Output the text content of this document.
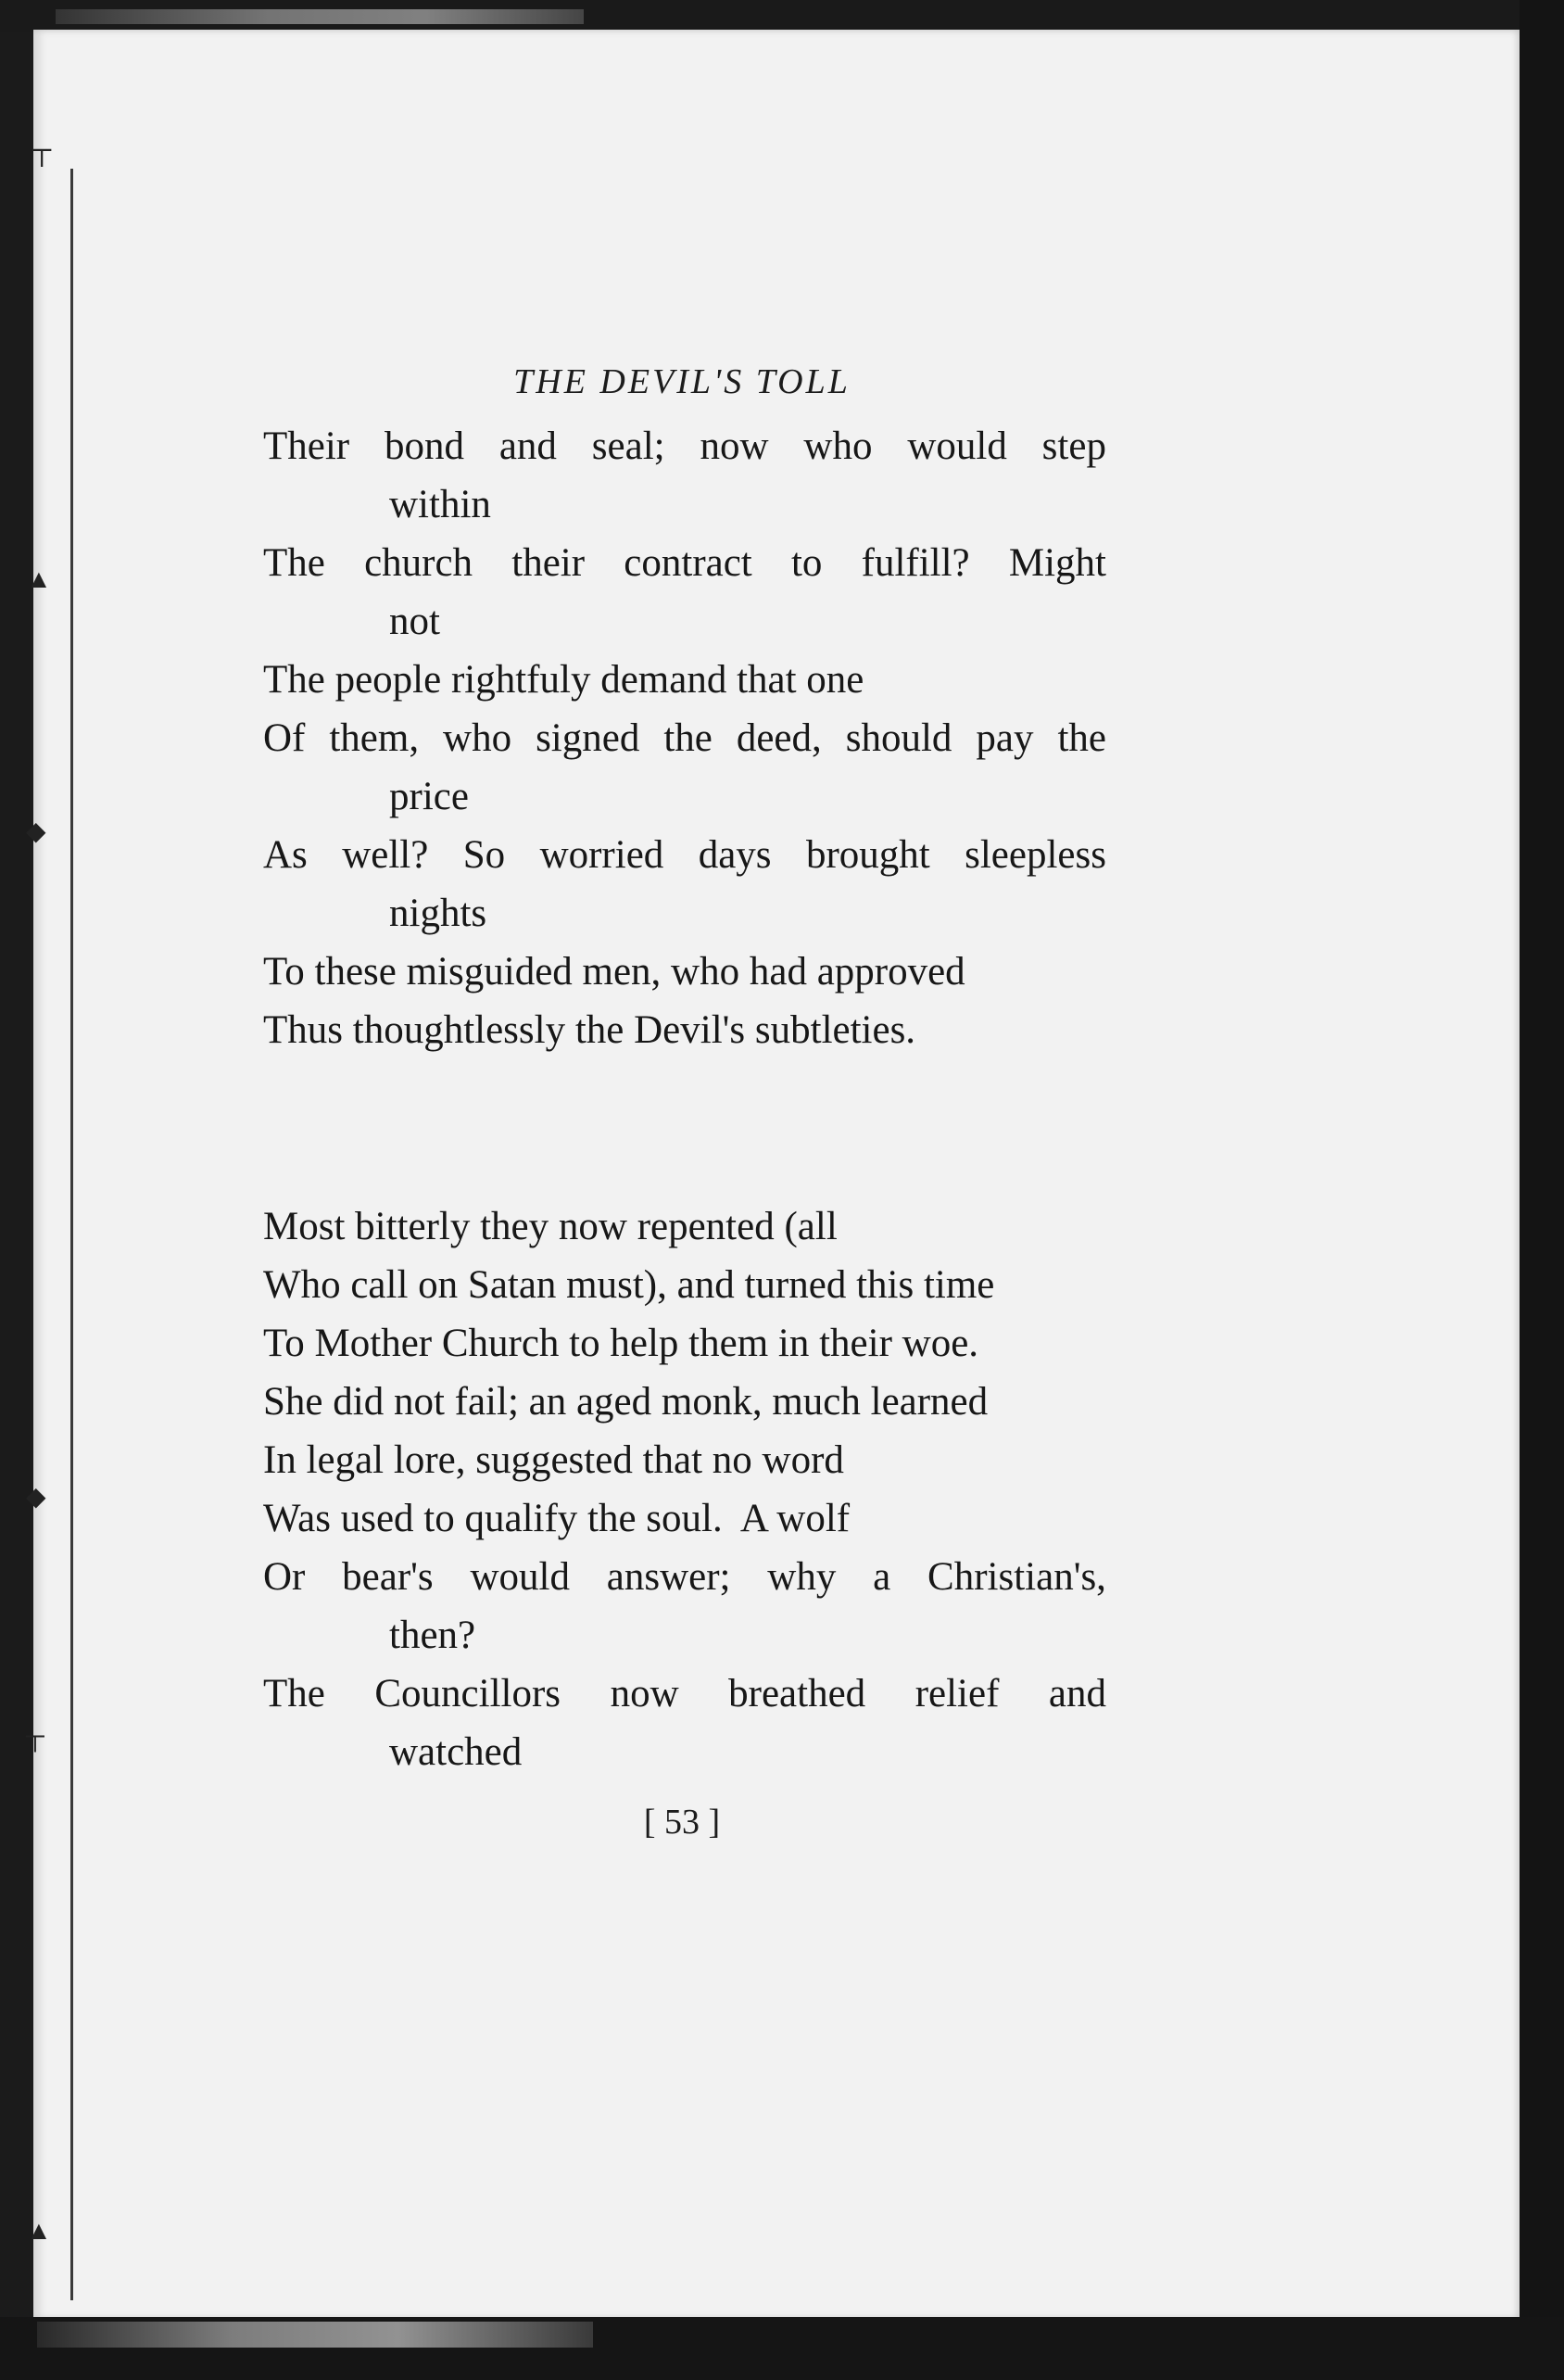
⊤
▲
◆
◆
┬
▲
THE DEVIL'S TOLL
Their bond and seal; now who would step
within
The church their contract to fulfill? Might
not
The people rightfuly demand that one
Of them, who signed the deed, should pay the
price
As well? So worried days brought sleepless
nights
To these misguided men, who had approved
Thus thoughtlessly the Devil's subtleties.
Most bitterly they now repented (all
Who call on Satan must), and turned this time
To Mother Church to help them in their woe.
She did not fail; an aged monk, much learned
In legal lore, suggested that no word
Was used to qualify the soul.  A wolf
Or bear's would answer; why a Christian's,
then?
The Councillors now breathed relief and
watched
[ 53 ]
